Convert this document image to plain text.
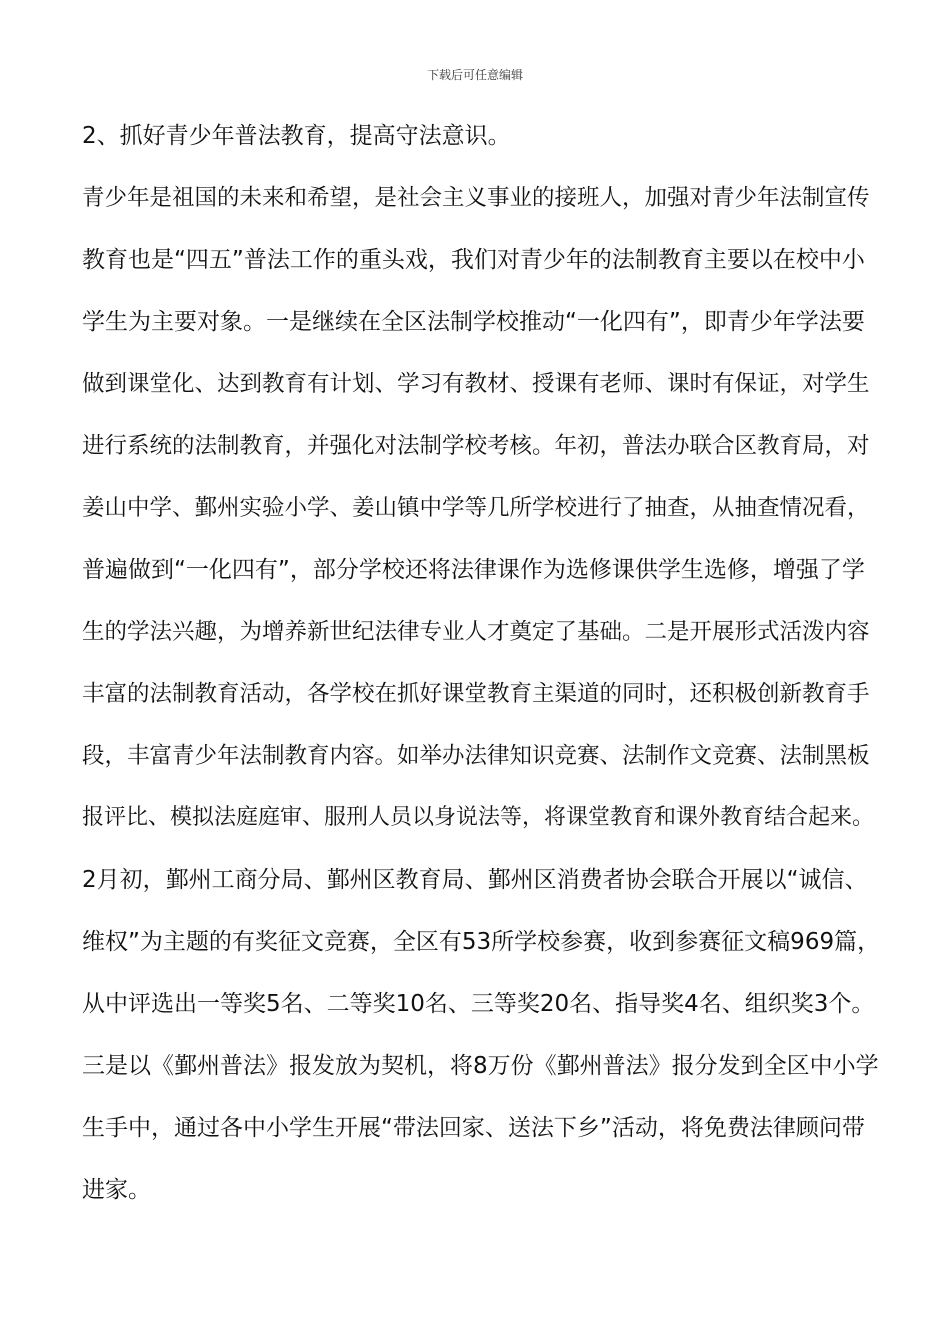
下载后可任意编辑
2、抓好青少年普法教育，提高守法意识。
青少年是祖国的未来和希望，是社会主义事业的接班人，加强对青少年法制宣传
教育也是“四五”普法工作的重头戏，我们对青少年的法制教育主要以在校中小
学生为主要对象。一是继续在全区法制学校推动“一化四有”，即青少年学法要
做到课堂化、达到教育有计划、学习有教材、授课有老师、课时有保证，对学生
进行系统的法制教育，并强化对法制学校考核。年初，普法办联合区教育局，对
姜山中学、鄞州实验小学、姜山镇中学等几所学校进行了抽查，从抽查情况看，
普遍做到“一化四有”，部分学校还将法律课作为选修课供学生选修，增强了学
生的学法兴趣，为增养新世纪法律专业人才奠定了基础。二是开展形式活泼内容
丰富的法制教育活动，各学校在抓好课堂教育主渠道的同时，还积极创新教育手
段，丰富青少年法制教育内容。如举办法律知识竞赛、法制作文竞赛、法制黑板
报评比、模拟法庭庭审、服刑人员以身说法等，将课堂教育和课外教育结合起来。
2月初，鄞州工商分局、鄞州区教育局、鄞州区消费者协会联合开展以“诚信、
维权”为主题的有奖征文竞赛，全区有53所学校参赛，收到参赛征文稿969篇，
从中评选出一等奖5名、二等奖10名、三等奖20名、指导奖4名、组织奖3个。
三是以《鄞州普法》报发放为契机，将8万份《鄞州普法》报分发到全区中小学
生手中，通过各中小学生开展“带法回家、送法下乡”活动，将免费法律顾问带
进家。
